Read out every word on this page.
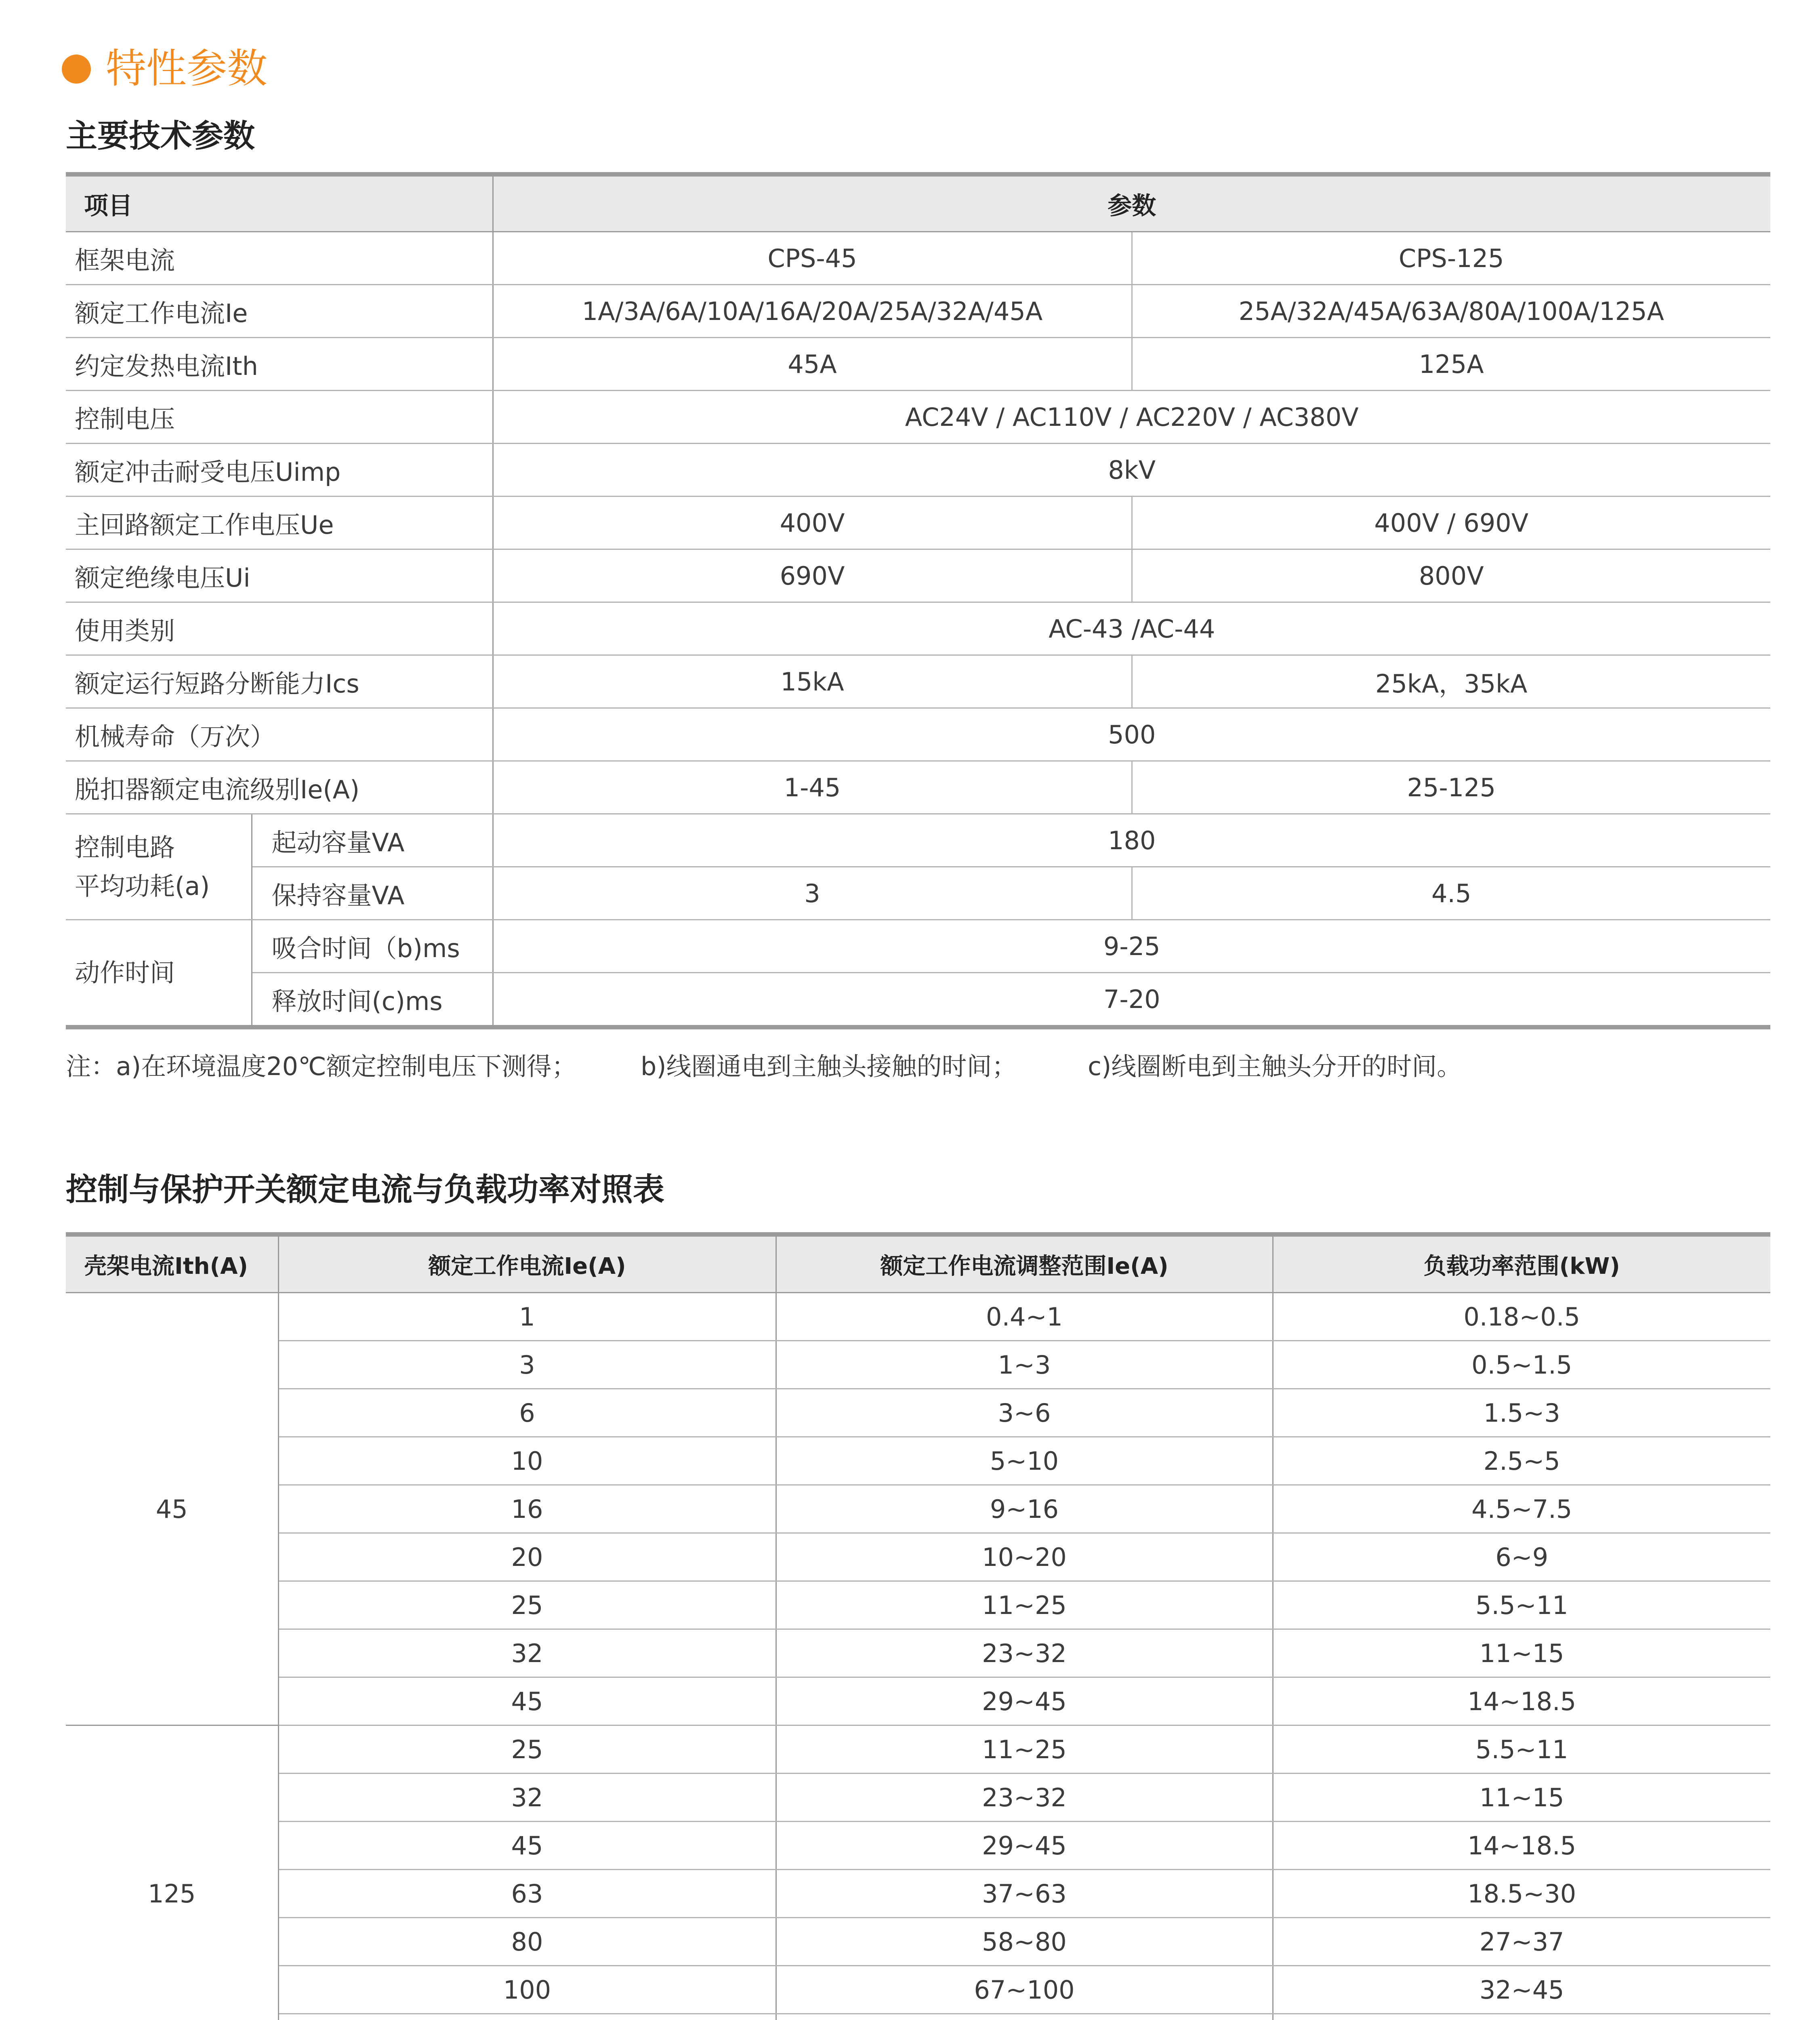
特性参数
主要技术参数
项目		参数	
框架电流		CPS-45	CPS-125
额定工作电流Ie		1A/3A/6A/10A/16A/20A/25A/32A/45A	25A/32A/45A/63A/80A/100A/125A
约定发热电流Ith		45A	125A
控制电压		AC24V / AC110V / AC220V / AC380V	
额定冲击耐受电压Uimp		8kV	
主回路额定工作电压Ue		400V	400V / 690V
额定绝缘电压Ui		690V	800V
使用类别		AC-43 /AC-44	
额定运行短路分断能力Ics		15kA	25kA，35kA
机械寿命（万次）		500	
脱扣器额定电流级别Ie(A)		1-45	25-125

控制电路
平均功耗(a)	起动容量VA	180	
	保持容量VA	3	4.5
动作时间	吸合时间（b)ms	9-25	
	释放时间(c)ms	7-20	
注：a)在环境温度20℃额定控制电压下测得；	b)线圈通电到主触头接触的时间；	c)线圈断电到主触头分开的时间。
控制与保护开关额定电流与负载功率对照表
壳架电流Ith(A)	额定工作电流Ie(A)	额定工作电流调整范围Ie(A)	负载功率范围(kW)
45	1	0.4~1	0.18~0.5
	3	1~3	0.5~1.5
	6	3~6	1.5~3
	10	5~10	2.5~5
	16	9~16	4.5~7.5
	20	10~20	6~9
	25	11~25	5.5~11
	32	23~32	11~15
	45	29~45	14~18.5
125	25	11~25	5.5~11
	32	23~32	11~15
	45	29~45	14~18.5
	63	37~63	18.5~30
	80	58~80	27~37
	100	67~100	32~45
